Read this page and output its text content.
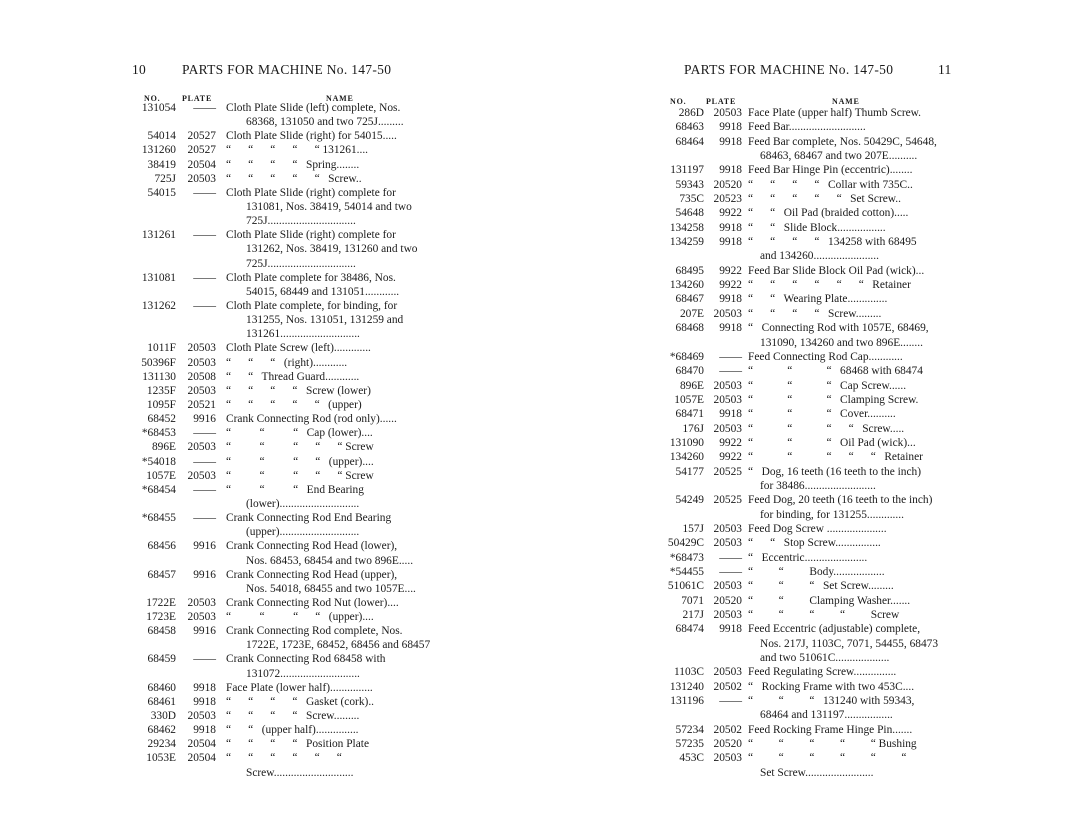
10	PARTS FOR MACHINE No. 147-50
NO.	PLATE	NAME
131054	—— Cloth Plate Slide (left) complete, Nos.
68368, 131050 and two 725J.........
54014	20527 Cloth Plate Slide (right) for 54015.....
131260	20527 “      “      “      “      “ 131261....
38419	20504 “      “      “      “   Spring........
725J	20503 “      “      “      “      “   Screw..
54015	—— Cloth Plate Slide (right) complete for
131081, Nos. 38419, 54014 and two
725J...............................
131261	—— Cloth Plate Slide (right) complete for
131262, Nos. 38419, 131260 and two
725J...............................
131081	—— Cloth Plate complete for 38486, Nos.
54015, 68449 and 131051............
131262	—— Cloth Plate complete, for binding, for
131255, Nos. 131051, 131259 and
131261............................
1011F	20503 Cloth Plate Screw (left).............
50396F	20503 “      “      “   (right)............
131130	20508 “      “   Thread Guard............
1235F	20503 “      “      “      “   Screw (lower)
1095F	20521 “      “      “      “      “   (upper)
68452	9916 Crank Connecting Rod (rod only)......
*68453	—— “          “          “   Cap (lower)....
896E	20503 “          “          “      “      “ Screw
*54018	—— “          “          “      “   (upper)....
1057E	20503 “          “          “      “      “ Screw
*68454	—— “          “          “   End Bearing
(lower)............................
*68455	—— Crank Connecting Rod End Bearing
(upper)............................
68456	9916 Crank Connecting Rod Head (lower),
Nos. 68453, 68454 and two 896E.....
68457	9916 Crank Connecting Rod Head (upper),
Nos. 54018, 68455 and two 1057E....
1722E	20503 Crank Connecting Rod Nut (lower)....
1723E	20503 “          “          “      “   (upper)....
68458	9916 Crank Connecting Rod complete, Nos.
1722E, 1723E, 68452, 68456 and 68457
68459	—— Crank Connecting Rod 68458 with
131072............................
68460	9918 Face Plate (lower half)...............
68461	9918 “      “      “      “   Gasket (cork)..
330D	20503 “      “      “      “   Screw.........
68462	9918 “      “   (upper half)...............
29234	20504 “      “      “      “   Position Plate
1053E	20504 “      “      “      “      “      “
Screw............................
PARTS FOR MACHINE No. 147-50	11
NO. PLATE	NAME
286D 20503 Face Plate (upper half) Thumb Screw.
68463	9918 Feed Bar...........................
68464	9918 Feed Bar complete, Nos. 50429C, 54648,
68463, 68467 and two 207E..........
131197	9918 Feed Bar Hinge Pin (eccentric)........
59343 20520 “      “      “      “   Collar with 735C..
735C 20523 “      “      “      “      “   Set Screw..
54648	9922 “      “   Oil Pad (braided cotton).....
134258	9918 “      “   Slide Block.................
134259	9918 “      “      “      “   134258 with 68495
and 134260.......................
68495	9922 Feed Bar Slide Block Oil Pad (wick)...
134260	9922 “      “      “      “      “      “   Retainer
68467	9918 “      “   Wearing Plate..............
207E 20503 “      “      “      “   Screw.........
68468	9918 “   Connecting Rod with 1057E, 68469,
131090, 134260 and two 896E........
*68469	—— Feed Connecting Rod Cap............
68470	—— “            “            “   68468 with 68474
896E 20503 “            “            “   Cap Screw......
1057E 20503 “            “            “   Clamping Screw.
68471	9918 “            “            “   Cover..........
176J 20503 “            “            “      “   Screw.....
131090	9922 “            “            “   Oil Pad (wick)...
134260	9922 “            “            “      “      “   Retainer
54177 20525 “   Dog, 16 teeth (16 teeth to the inch)
for 38486.........................
54249 20525 Feed Dog, 20 teeth (16 teeth to the inch)
for binding, for 131255.............
157J 20503 Feed Dog Screw .....................
50429C 20503 “      “   Stop Screw................
*68473	—— “   Eccentric......................
*54455	—— “         “         Body..................
51061C 20503 “         “         “   Set Screw.........
7071 20520 “         “         Clamping Washer.......
217J 20503 “         “         “         “         Screw
68474	9918 Feed Eccentric (adjustable) complete,
Nos. 217J, 1103C, 7071, 54455, 68473
and two 51061C...................
1103C 20503 Feed Regulating Screw...............
131240 20502 “   Rocking Frame with two 453C....
131196	—— “         “         “   131240 with 59343,
68464 and 131197.................
57234 20502 Feed Rocking Frame Hinge Pin.......
57235 20520 “         “         “         “         “ Bushing
453C 20503 “         “         “         “         “         “
Set Screw........................
